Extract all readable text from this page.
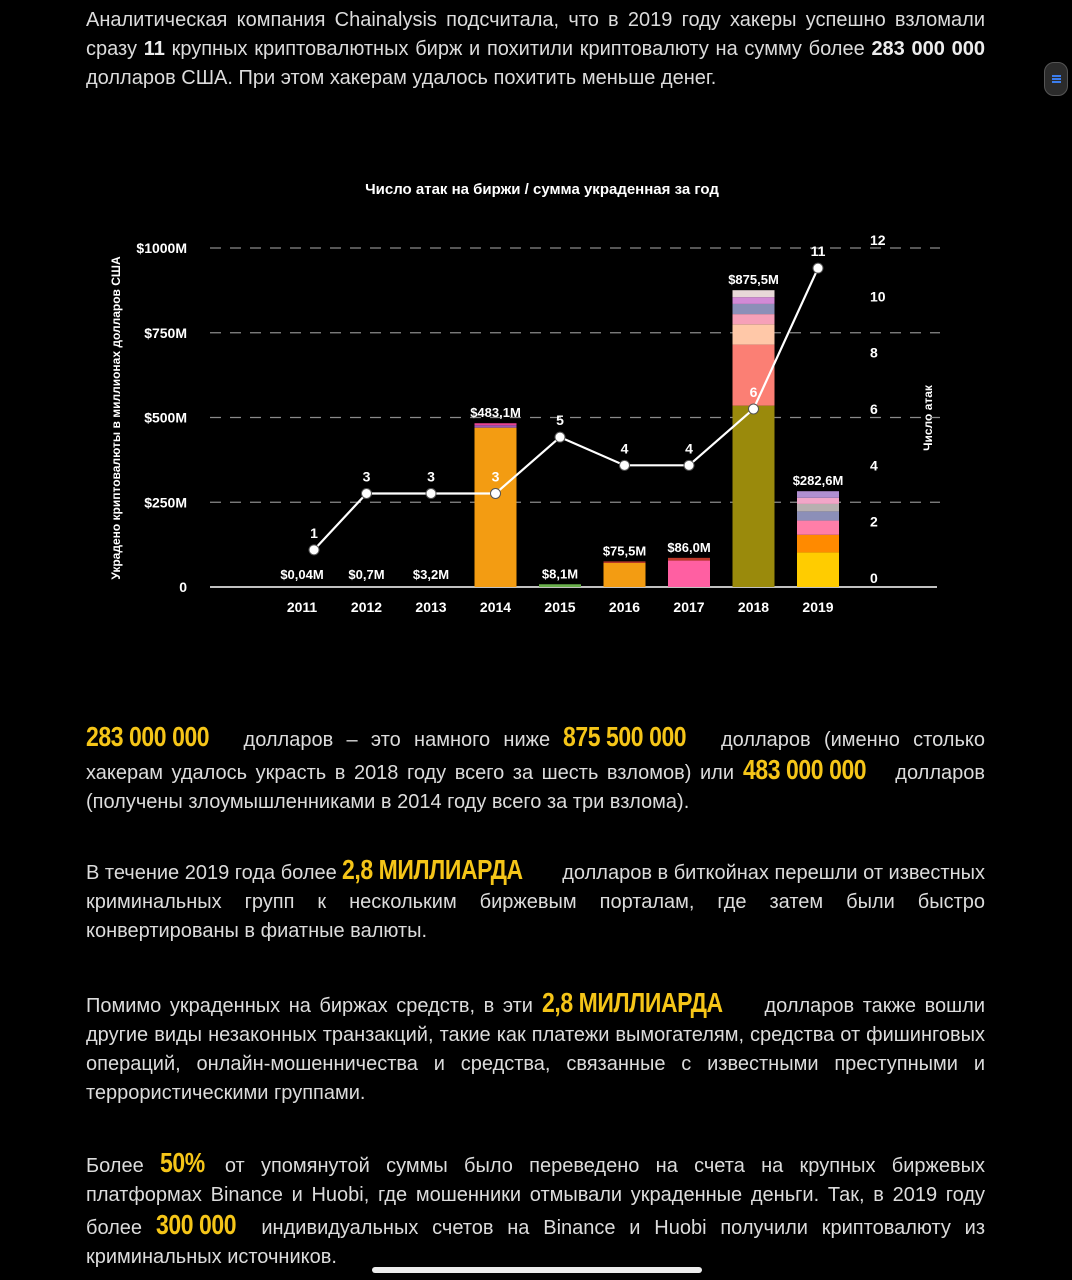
Аналитическая компания Chainalysis подсчитала, что в 2019 году хакеры успешно взломали сразу 11 крупных криптовалютных бирж и похитили криптовалюту на сумму более 283 000 000 долларов США. При этом хакерам удалось похитить меньше денег.

Число атак на биржи / сумма украденная за год
Украдено криптовалюты в миллионах долларов США	Число атак
0
$250M
$500M
$750M
$1000M
0
2
4
6
8
10
12
1
3	3	3
5
4	4
6
11
2011
$0,04M
2012
$0,7M
2013
$3,2M
2014
$483,1M
2015
$8,1M
2016
$75,5M
2017
$86,0M
2018
$875,5M
2019
$282,6M

283 000 000 долларов – это намного ниже 875 500 000 долларов (именно столько хакерам удалось украсть в 2018 году всего за шесть взломов) или 483 000 000 долларов (получены злоумышленниками в 2014 году всего за три взлома).

В течение 2019 года более 2,8 МИЛЛИАРДА долларов в биткойнах перешли от известных криминальных групп к нескольким биржевым порталам, где затем были быстро конвертированы в фиатные валюты.

Помимо украденных на биржах средств, в эти 2,8 МИЛЛИАРДА долларов также вошли другие виды незаконных транзакций, такие как платежи вымогателям, средства от фишинговых операций, онлайн-мошенничества и средства, связанные с известными преступными и террористическими группами.

Более 50% от упомянутой суммы было переведено на счета на крупных биржевых платформах Binance и Huobi, где мошенники отмывали украденные деньги. Так, в 2019 году более 300 000 индивидуальных счетов на Binance и Huobi получили криптовалюту из криминальных источников.
